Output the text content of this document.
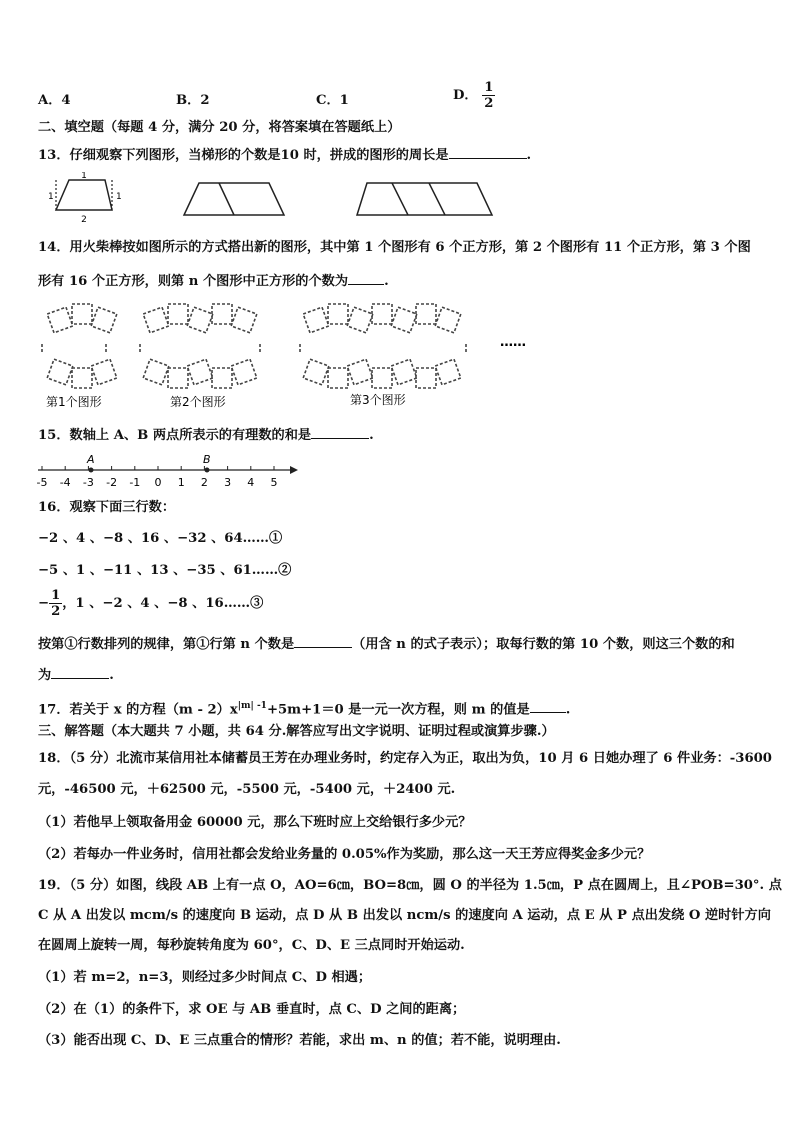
A．4	B．2	C．1	D． $\frac{1}{2}$
二、填空题（每题 4 分，满分 20 分，将答案填在答题纸上）
13．仔细观察下列图形，当梯形的个数是10 时，拼成的图形的周长是	.
1
1	1
2
14．用火柴棒按如图所示的方式搭出新的图形，其中第 1 个图形有 6 个正方形，第 2 个图形有 11 个正方形，第 3 个图
形有 16 个正方形，则第 n 个图形中正方形的个数为	.
……
第1个图形	第2个图形	第3个图形
15．数轴上 A、B 两点所表示的有理数的和是	.
-5 -4 -3 -2 -1 0 1 2 3 4 5
A	B
16．观察下面三行数：
−2 、4 、−8 、16 、−32 、64……①
−5 、1 、−11 、13 、−35 、61……②
− $\frac{1}{2}$ ，1 、−2 、4 、−8 、16……③
按第①行数排列的规律，第①行第 n 个数是	（用含 n 的式子表示）；取每行数的第 10 个数，则这三个数的和
为	.
17．若关于 x 的方程$(m - 2)x^{|m| -1}+5m+1=0$ 是一元一次方程，则 m 的值是	.
三、解答题（本大题共 7 小题，共 64 分.解答应写出文字说明、证明过程或演算步骤.）
18．（5 分）北流市某信用社本储蓄员王芳在办理业务时，约定存入为正，取出为负，10 月 6 日她办理了 6 件业务：-3600
元，-46500 元，＋62500 元，-5500 元，-5400 元，＋2400 元.
（1）若他早上领取备用金 60000 元，那么下班时应上交给银行多少元？
（2）若每办一件业务时，信用社都会发给业务量的 0.05%作为奖励，那么这一天王芳应得奖金多少元？
19．（5 分）如图，线段 AB 上有一点 O，AO=6㎝，BO=8㎝，圆 O 的半径为 1.5㎝，P 点在圆周上，且∠POB=30°. 点
C 从 A 出发以 mcm/s 的速度向 B 运动，点 D 从 B 出发以 ncm/s 的速度向 A 运动，点 E 从 P 点出发绕 O 逆时针方向
在圆周上旋转一周，每秒旋转角度为 60°，C、D、E 三点同时开始运动.
（1）若 m=2，n=3，则经过多少时间点 C、D 相遇；
（2）在（1）的条件下，求 OE 与 AB 垂直时，点 C、D 之间的距离；
（3）能否出现 C、D、E 三点重合的情形？若能，求出 m、n 的值；若不能，说明理由.
